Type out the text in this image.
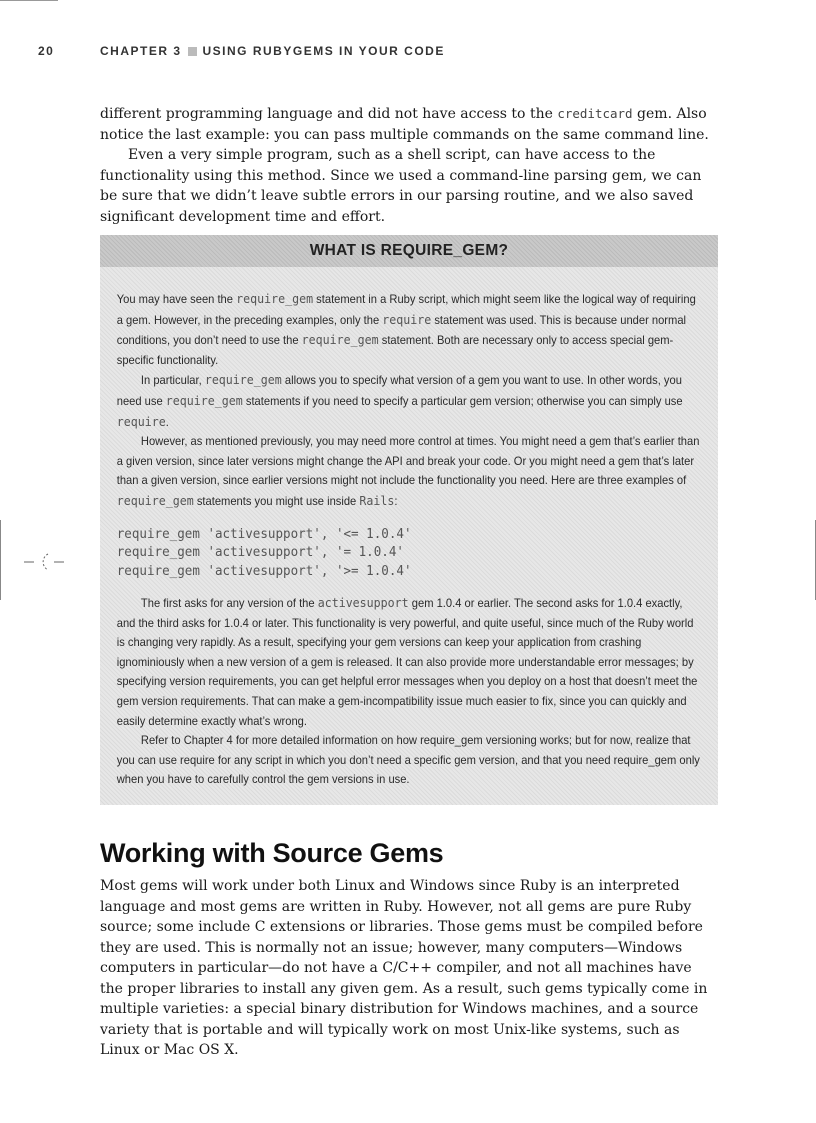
20	CHAPTER 3 USING RUBYGEMS IN YOUR CODE

different programming language and did not have access to the creditcard gem. Also notice the last example: you can pass multiple commands on the same command line.

Even a very simple program, such as a shell script, can have access to the functionality using this method. Since we used a command-line parsing gem, we can be sure that we didn’t leave subtle errors in our parsing routine, and we also saved significant development time and effort.

WHAT IS REQUIRE_GEM?

You may have seen the require_gem statement in a Ruby script, which might seem like the logical way of requiring a gem. However, in the preceding examples, only the require statement was used. This is because under normal conditions, you don’t need to use the require_gem statement. Both are necessary only to access special gem-specific functionality.

In particular, require_gem allows you to specify what version of a gem you want to use. In other words, you need use require_gem statements if you need to specify a particular gem version; otherwise you can simply use require.

However, as mentioned previously, you may need more control at times. You might need a gem that’s earlier than a given version, since later versions might change the API and break your code. Or you might need a gem that’s later than a given version, since earlier versions might not include the functionality you need. Here are three examples of require_gem statements you might use inside Rails:

require_gem 'activesupport', '<= 1.0.4'
require_gem 'activesupport', '= 1.0.4'
require_gem 'activesupport', '>= 1.0.4'

The first asks for any version of the activesupport gem 1.0.4 or earlier. The second asks for 1.0.4 exactly, and the third asks for 1.0.4 or later. This functionality is very powerful, and quite useful, since much of the Ruby world is changing very rapidly. As a result, specifying your gem versions can keep your application from crashing ignominiously when a new version of a gem is released. It can also provide more understandable error messages; by specifying version requirements, you can get helpful error messages when you deploy on a host that doesn’t meet the gem version requirements. That can make a gem-incompatibility issue much easier to fix, since you can quickly and easily determine exactly what’s wrong.

Refer to Chapter 4 for more detailed information on how require_gem versioning works; but for now, realize that you can use require for any script in which you don’t need a specific gem version, and that you need require_gem only when you have to carefully control the gem versions in use.

Working with Source Gems

Most gems will work under both Linux and Windows since Ruby is an interpreted language and most gems are written in Ruby. However, not all gems are pure Ruby source; some include C extensions or libraries. Those gems must be compiled before they are used. This is normally not an issue; however, many computers—Windows computers in particular—do not have a C/C++ compiler, and not all machines have the proper libraries to install any given gem. As a result, such gems typically come in multiple varieties: a special binary distribution for Windows machines, and a source variety that is portable and will typically work on most Unix-like systems, such as Linux or Mac OS X.
